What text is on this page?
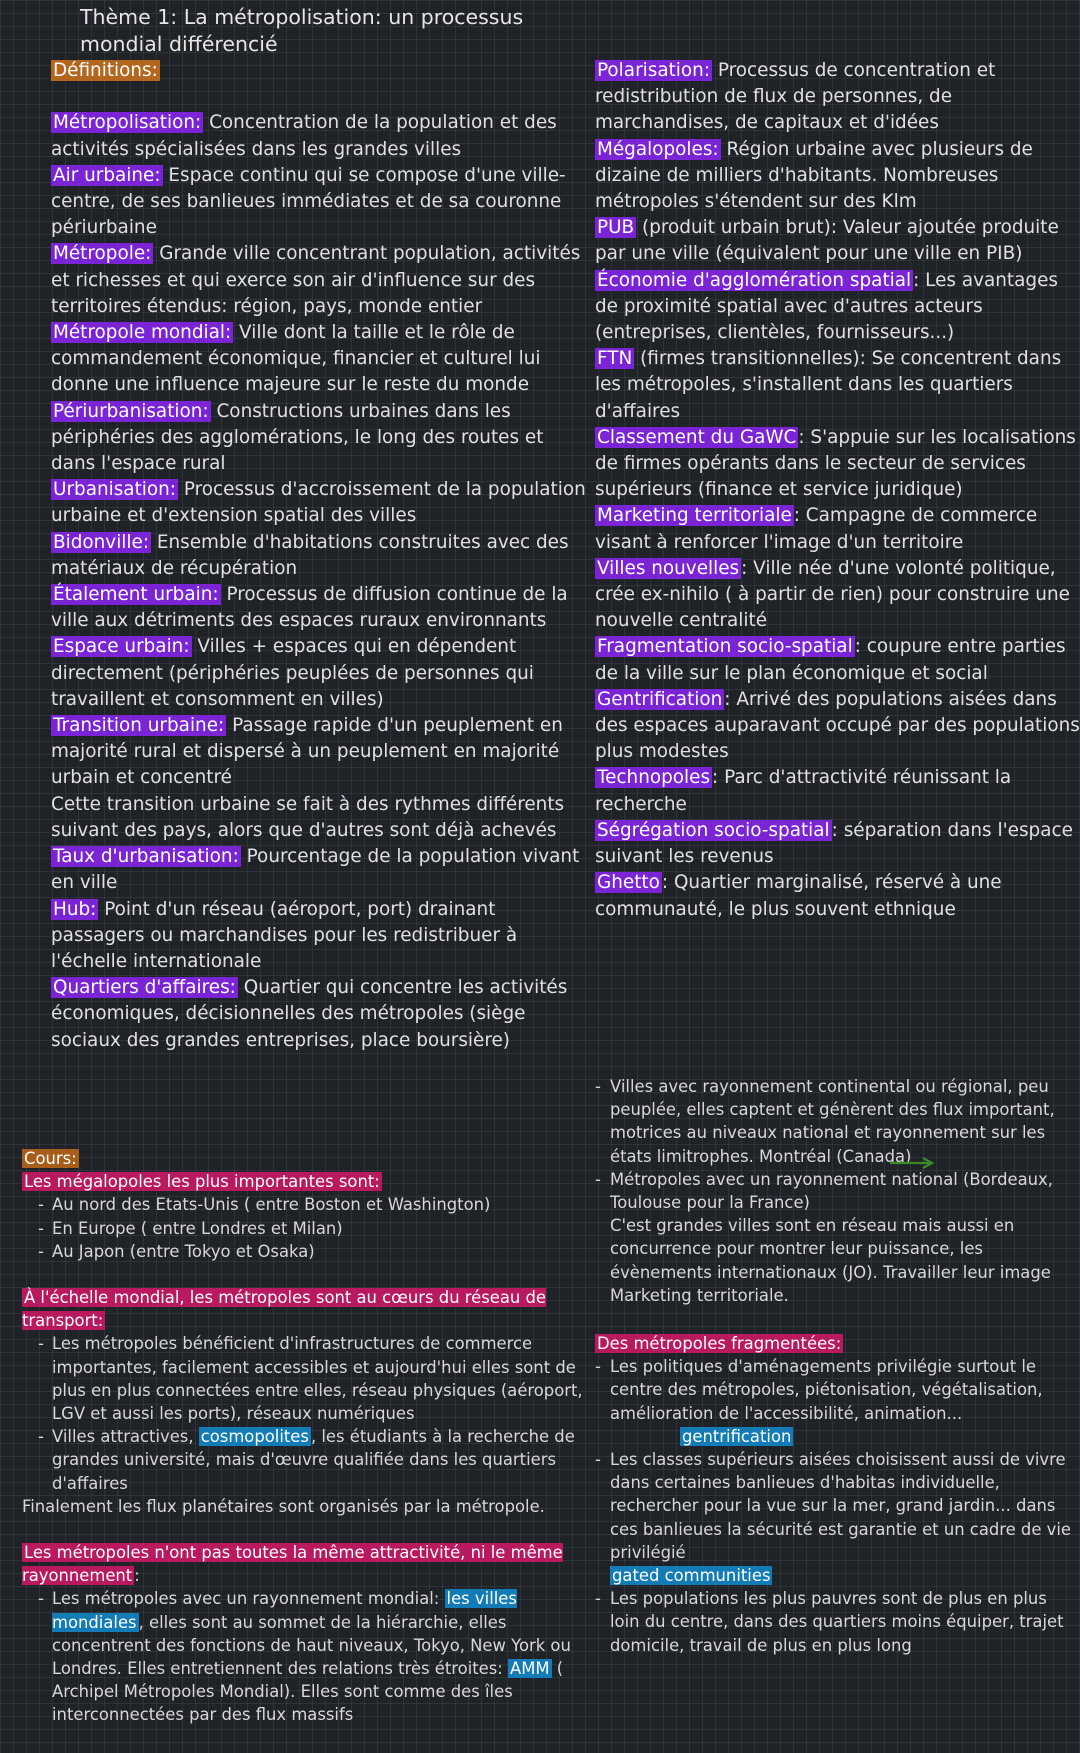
Thème 1: La métropolisation: un processus mondial différencié

Définitions:

Métropolisation: Concentration de la population et des activités spécialisées dans les grandes villes

Air urbaine: Espace continu qui se compose d'une ville-centre, de ses banlieues immédiates et de sa couronne périurbaine

Métropole: Grande ville concentrant population, activités et richesses et qui exerce son air d'influence sur des territoires étendus: région, pays, monde entier

Métropole mondial: Ville dont la taille et le rôle de commandement économique, financier et culturel lui donne une influence majeure sur le reste du monde

Périurbanisation: Constructions urbaines dans les périphéries des agglomérations, le long des routes et dans l'espace rural

Urbanisation: Processus d'accroissement de la population urbaine et d'extension spatial des villes

Bidonville: Ensemble d'habitations construites avec des matériaux de récupération

Étalement urbain: Processus de diffusion continue de la ville aux détriments des espaces ruraux environnants

Espace urbain: Villes + espaces qui en dépendent directement (périphéries peuplées de personnes qui travaillent et consomment en villes)

Transition urbaine: Passage rapide d'un peuplement en majorité rural et dispersé à un peuplement en majorité urbain et concentré

Cette transition urbaine se fait à des rythmes différents suivant des pays, alors que d'autres sont déjà achevés

Taux d'urbanisation: Pourcentage de la population vivant en ville

Hub: Point d'un réseau (aéroport, port) drainant passagers ou marchandises pour les redistribuer à l'échelle internationale

Quartiers d'affaires: Quartier qui concentre les activités économiques, décisionnelles des métropoles (siège sociaux des grandes entreprises, place boursière)

Polarisation: Processus de concentration et redistribution de flux de personnes, de marchandises, de capitaux et d'idées

Mégalopoles: Région urbaine avec plusieurs de dizaine de milliers d'habitants. Nombreuses métropoles s'étendent sur des Klm

PUB (produit urbain brut): Valeur ajoutée produite par une ville (équivalent pour une ville en PIB)

Économie d'agglomération spatial : Les avantages de proximité spatial avec d'autres acteurs (entreprises, clientèles, fournisseurs...)

FTN (firmes transitionnelles): Se concentrent dans les métropoles, s'installent dans les quartiers d'affaires

Classement du GaWC : S'appuie sur les localisations de firmes opérants dans le secteur de services supérieurs (finance et service juridique)

Marketing territoriale : Campagne de commerce visant à renforcer l'image d'un territoire

Villes nouvelles : Ville née d'une volonté politique, crée ex-nihilo ( à partir de rien) pour construire une nouvelle centralité

Fragmentation socio-spatial : coupure entre parties de la ville sur le plan économique et social

Gentrification : Arrivé des populations aisées dans des espaces auparavant occupé par des populations plus modestes

Technopoles : Parc d'attractivité réunissant la recherche

Ségrégation socio-spatial : séparation dans l'espace suivant les revenus

Ghetto : Quartier marginalisé, réservé à une communauté, le plus souvent ethnique

Cours:

Les mégalopoles les plus importantes sont:

- Au nord des Etats-Unis ( entre Boston et Washington)
- En Europe ( entre Londres et Milan)
- Au Japon (entre Tokyo et Osaka)

À l'échelle mondial, les métropoles sont au cœurs du réseau de transport:

- Les métropoles bénéficient d'infrastructures de commerce importantes, facilement accessibles et aujourd'hui elles sont de plus en plus connectées entre elles, réseau physiques (aéroport, LGV et aussi les ports), réseaux numériques
- Villes attractives, cosmopolites , les étudiants à la recherche de grandes université, mais d'œuvre qualifiée dans les quartiers d'affaires

Finalement les flux planétaires sont organisés par la métropole.

Les métropoles n'ont pas toutes la même attractivité, ni le même rayonnement :

- Les métropoles avec un rayonnement mondial: les villes mondiales , elles sont au sommet de la hiérarchie, elles concentrent des fonctions de haut niveaux, Tokyo, New York ou Londres. Elles entretiennent des relations très étroites: AMM ( Archipel Métropoles Mondial). Elles sont comme des îles interconnectées par des flux massifs
- Villes avec rayonnement continental ou régional, peu peuplée, elles captent et génèrent des flux important, motrices au niveaux national et rayonnement sur les états limitrophes. Montréal (Canada)
- Métropoles avec un rayonnement national (Bordeaux, Toulouse pour la France)

C'est grandes villes sont en réseau mais aussi en concurrence pour montrer leur puissance, les évènements internationaux (JO). Travailler leur image Marketing territoriale.

Des métropoles fragmentées:

- Les politiques d'aménagements privilégie surtout le centre des métropoles, piétonisation, végétalisation, amélioration de l'accessibilité, animation...gentrification
- Les classes supérieurs aisées choisissent aussi de vivre dans certaines banlieues d'habitas individuelle, rechercher pour la vue sur la mer, grand jardin... dans ces banlieues la sécurité est garantie et un cadre de vie privilégié
gated communities
- Les populations les plus pauvres sont de plus en plus loin du centre, dans des quartiers moins équiper, trajet domicile, travail de plus en plus long
